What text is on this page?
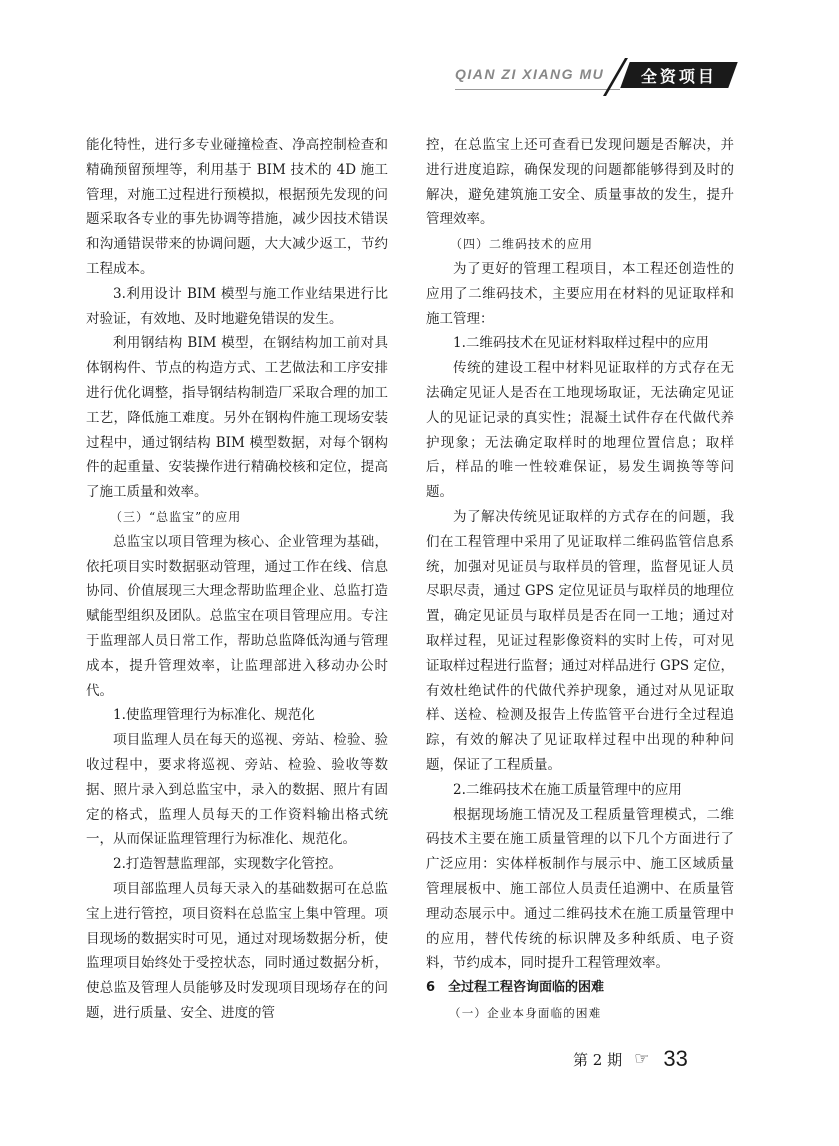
QIAN ZI XIANG MU 全资项目

能化特性，进行多专业碰撞检查、净高控制检查和精确预留预埋等，利用基于 BIM 技术的 4D 施工管理，对施工过程进行预模拟，根据预先发现的问题采取各专业的事先协调等措施，减少因技术错误和沟通错误带来的协调问题，大大减少返工，节约工程成本。

3.利用设计 BIM 模型与施工作业结果进行比对验证，有效地、及时地避免错误的发生。

利用钢结构 BIM 模型，在钢结构加工前对具体钢构件、节点的构造方式、工艺做法和工序安排进行优化调整，指导钢结构制造厂采取合理的加工工艺，降低施工难度。另外在钢构件施工现场安装过程中，通过钢结构 BIM 模型数据，对每个钢构件的起重量、安装操作进行精确校核和定位，提高了施工质量和效率。

（三）“总监宝”的应用

总监宝以项目管理为核心、企业管理为基础，依托项目实时数据驱动管理，通过工作在线、信息协同、价值展现三大理念帮助监理企业、总监打造赋能型组织及团队。总监宝在项目管理应用。专注于监理部人员日常工作，帮助总监降低沟通与管理成本，提升管理效率，让监理部进入移动办公时代。

1.使监理管理行为标准化、规范化

项目监理人员在每天的巡视、旁站、检验、验收过程中，要求将巡视、旁站、检验、验收等数据、照片录入到总监宝中，录入的数据、照片有固定的格式，监理人员每天的工作资料输出格式统一，从而保证监理管理行为标准化、规范化。

2.打造智慧监理部，实现数字化管控。

项目部监理人员每天录入的基础数据可在总监宝上进行管控，项目资料在总监宝上集中管理。项目现场的数据实时可见，通过对现场数据分析，使监理项目始终处于受控状态，同时通过数据分析，使总监及管理人员能够及时发现项目现场存在的问题，进行质量、安全、进度的管

控，在总监宝上还可查看已发现问题是否解决，并进行进度追踪，确保发现的问题都能够得到及时的解决，避免建筑施工安全、质量事故的发生，提升管理效率。

（四）二维码技术的应用

为了更好的管理工程项目，本工程还创造性的应用了二维码技术，主要应用在材料的见证取样和施工管理：

1.二维码技术在见证材料取样过程中的应用

传统的建设工程中材料见证取样的方式存在无法确定见证人是否在工地现场取证，无法确定见证人的见证记录的真实性；混凝土试件存在代做代养护现象；无法确定取样时的地理位置信息；取样后，样品的唯一性较难保证，易发生调换等等问题。

为了解决传统见证取样的方式存在的问题，我们在工程管理中采用了见证取样二维码监管信息系统，加强对见证员与取样员的管理，监督见证人员尽职尽责，通过 GPS 定位见证员与取样员的地理位置，确定见证员与取样员是否在同一工地；通过对取样过程，见证过程影像资料的实时上传，可对见证取样过程进行监督；通过对样品进行 GPS 定位，有效杜绝试件的代做代养护现象，通过对从见证取样、送检、检测及报告上传监管平台进行全过程追踪，有效的解决了见证取样过程中出现的种种问题，保证了工程质量。

2.二维码技术在施工质量管理中的应用

根据现场施工情况及工程质量管理模式，二维码技术主要在施工质量管理的以下几个方面进行了广泛应用：实体样板制作与展示中、施工区域质量管理展板中、施工部位人员责任追溯中、在质量管理动态展示中。通过二维码技术在施工质量管理中的应用，替代传统的标识牌及多种纸质、电子资料，节约成本，同时提升工程管理效率。

6　全过程工程咨询面临的困难

（一）企业本身面临的困难

第 2 期 ☞ 33
